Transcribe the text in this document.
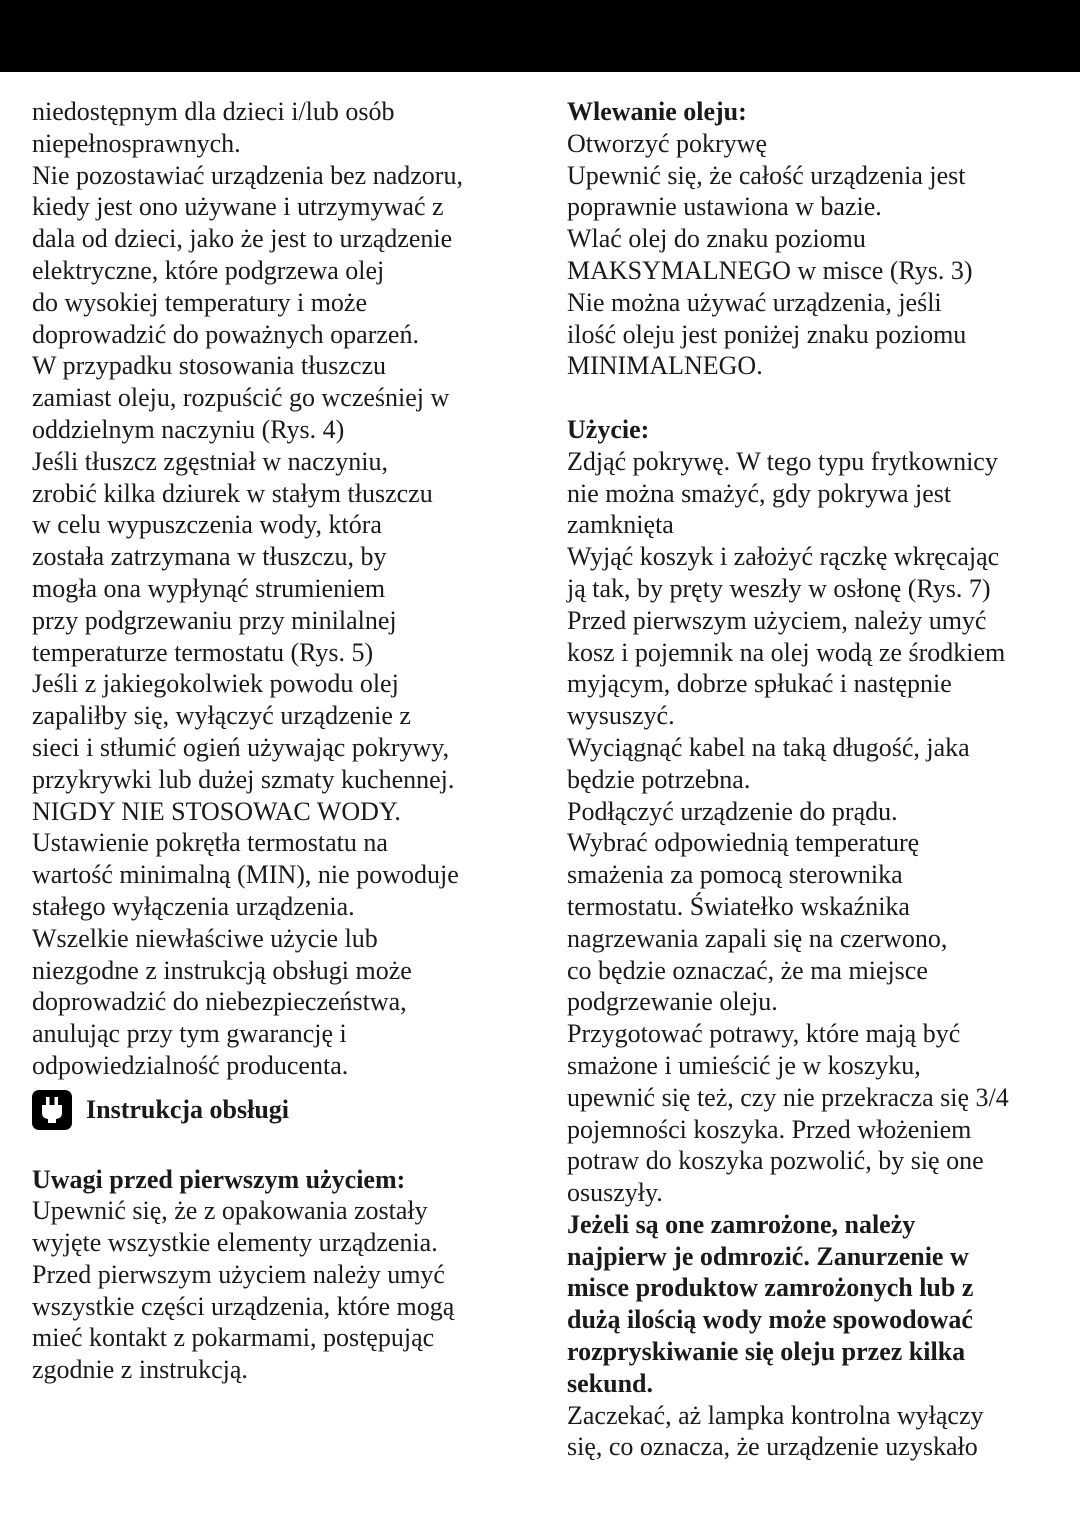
niedostępnym dla dzieci i/lub osób
niepełnosprawnych.
Nie pozostawiać urządzenia bez nadzoru,
kiedy jest ono używane i utrzymywać z
dala od dzieci, jako że jest to urządzenie
elektryczne, które podgrzewa olej
do wysokiej temperatury i może
doprowadzić do poważnych oparzeń.
W przypadku stosowania tłuszczu
zamiast oleju, rozpuścić go wcześniej w
oddzielnym naczyniu (Rys. 4)
Jeśli tłuszcz zgęstniał w naczyniu,
zrobić kilka dziurek w stałym tłuszczu
w celu wypuszczenia wody, która
została zatrzymana w tłuszczu, by
mogła ona wypłynąć strumieniem
przy podgrzewaniu przy minilalnej
temperaturze termostatu (Rys. 5)
Jeśli z jakiegokolwiek powodu olej
zapaliłby się, wyłączyć urządzenie z
sieci i stłumić ogień używając pokrywy,
przykrywki lub dużej szmaty kuchennej.
NIGDY NIE STOSOWAC WODY.
Ustawienie pokrętła termostatu na
wartość minimalną (MIN), nie powoduje
stałego wyłączenia urządzenia.
Wszelkie niewłaściwe użycie lub
niezgodne z instrukcją obsługi może
doprowadzić do niebezpieczeństwa,
anulując przy tym gwarancję i
odpowiedzialność producenta.
Instrukcja obsługi
Uwagi przed pierwszym użyciem:
Upewnić się, że z opakowania zostały
wyjęte wszystkie elementy urządzenia.
Przed pierwszym użyciem należy umyć
wszystkie części urządzenia, które mogą
mieć kontakt z pokarmami, postępując
zgodnie z instrukcją.
Wlewanie oleju:
Otworzyć pokrywę
Upewnić się, że całość urządzenia jest
poprawnie ustawiona w bazie.
Wlać olej do znaku poziomu
MAKSYMALNEGO w misce (Rys. 3)
Nie można używać urządzenia, jeśli
ilość oleju jest poniżej znaku poziomu
MINIMALNEGO.
Użycie:
Zdjąć pokrywę. W tego typu frytkownicy
nie można smażyć, gdy pokrywa jest
zamknięta
Wyjąć koszyk i założyć rączkę wkręcając
ją tak, by pręty weszły w osłonę (Rys. 7)
Przed pierwszym użyciem, należy umyć
kosz i pojemnik na olej wodą ze środkiem
myjącym, dobrze spłukać i następnie
wysuszyć.
Wyciągnąć kabel na taką długość, jaka
będzie potrzebna.
Podłączyć urządzenie do prądu.
Wybrać odpowiednią temperaturę
smażenia za pomocą sterownika
termostatu. Światełko wskaźnika
nagrzewania zapali się na czerwono,
co będzie oznaczać, że ma miejsce
podgrzewanie oleju.
Przygotować potrawy, które mają być
smażone i umieścić je w koszyku,
upewnić się też, czy nie przekracza się 3/4
pojemności koszyka. Przed włożeniem
potraw do koszyka pozwolić, by się one
osuszyły.
Jeżeli są one zamrożone, należy
najpierw je odmrozić. Zanurzenie w
misce produktow zamrożonych lub z
dużą ilością wody może spowodować
rozpryskiwanie się oleju przez kilka
sekund.
Zaczekać, aż lampka kontrolna wyłączy
się, co oznacza, że urządzenie uzyskało
